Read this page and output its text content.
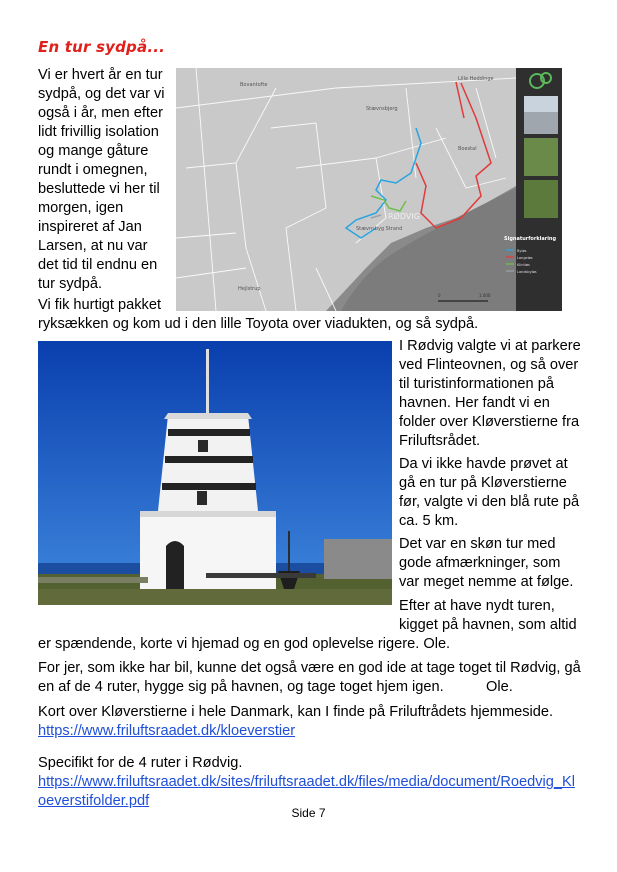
En tur sydpå...
Vi er hvert år en tur
sydpå, og det var vi
også i år, men efter
lidt frivillig isolation
og mange gåture
rundt i omegnen,
besluttede vi her til
morgen, igen
inspireret af Jan
Larsen, at nu var
det tid til endnu en
tur sydpå.
Vi fik hurtigt pakket
ryksækken og kom ud i den lille Toyota over viadukten, og så sydpå.
Bovantofte
Lille Heddinge
Stævnsbjerg
Boestal
Stævnsbyg Strand
Hejlstrup
RØDVIG
Signaturforklaring
Byløs
Langeløs
Klintløs
Landsbyløs
0	1.000
I Rødvig valgte vi at parkere
ved Flinteovnen, og så over
til turistinformationen på
havnen. Her fandt vi en
folder over Kløverstierne fra
Friluftsrådet.
Da vi ikke havde prøvet at
gå en tur på Kløverstierne
før, valgte vi den blå rute på
ca. 5 km.
Det var en skøn tur med
gode afmærkninger, som
var meget nemme at følge.
Efter at have nydt turen,
kigget på havnen, som altid
er spændende, korte vi hjemad og en god oplevelse rigere. Ole.
For jer, som ikke har bil, kunne det også være en god ide at tage toget til Rødvig, gå
en af de 4 ruter, hygge sig på havnen, og tage toget hjem igen.	Ole.
Kort over Kløverstierne i hele Danmark, kan I finde på Friluftrådets hjemmeside.
https://www.friluftsraadet.dk/kloeverstier
Specifikt for de 4 ruter i Rødvig.
https://www.friluftsraadet.dk/sites/friluftsraadet.dk/files/media/document/Roedvig_Kl
oeverstifolder.pdf
Side 7
